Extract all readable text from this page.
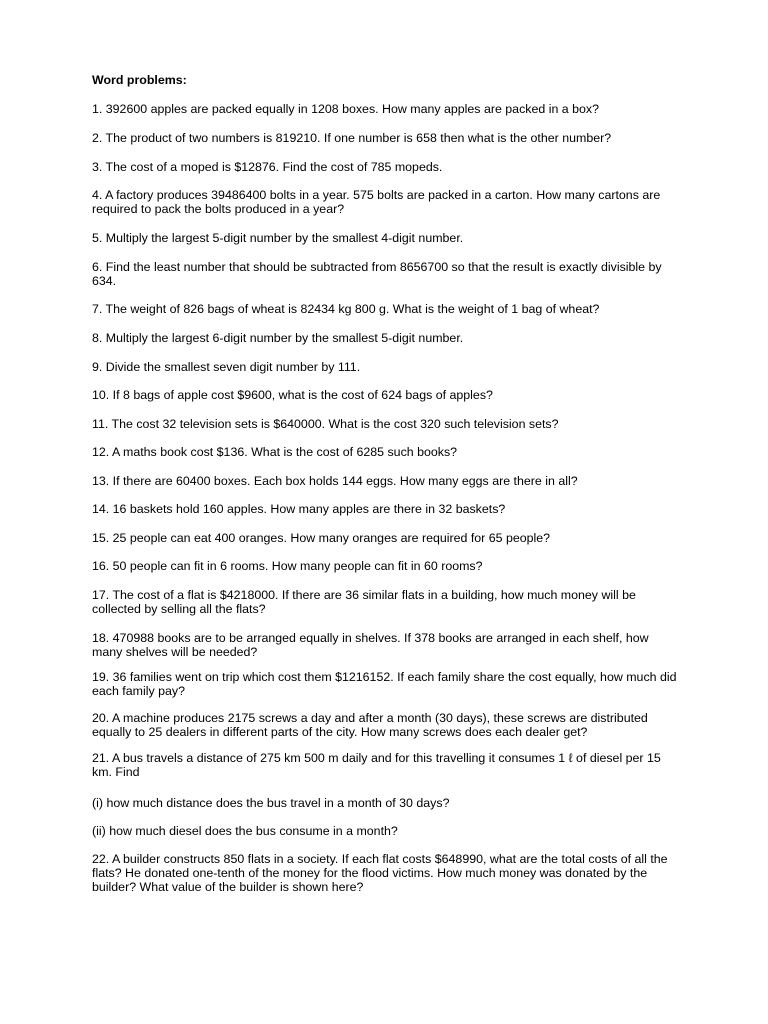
Word problems:

1. 392600 apples are packed equally in 1208 boxes. How many apples are packed in a box?

2. The product of two numbers is 819210. If one number is 658 then what is the other number?

3. The cost of a moped is $12876. Find the cost of 785 mopeds.

4. A factory produces 39486400 bolts in a year. 575 bolts are packed in a carton. How many cartons are required to pack the bolts produced in a year?

5. Multiply the largest 5-digit number by the smallest 4-digit number.

6. Find the least number that should be subtracted from 8656700 so that the result is exactly divisible by 634.

7. The weight of 826 bags of wheat is 82434 kg 800 g. What is the weight of 1 bag of wheat?

8. Multiply the largest 6-digit number by the smallest 5-digit number.

9. Divide the smallest seven digit number by 111.

10. If 8 bags of apple cost $9600, what is the cost of 624 bags of apples?

11. The cost 32 television sets is $640000. What is the cost 320 such television sets?

12. A maths book cost $136. What is the cost of 6285 such books?

13. If there are 60400 boxes. Each box holds 144 eggs. How many eggs are there in all?

14. 16 baskets hold 160 apples. How many apples are there in 32 baskets?

15. 25 people can eat 400 oranges. How many oranges are required for 65 people?

16. 50 people can fit in 6 rooms. How many people can fit in 60 rooms?

17. The cost of a flat is $4218000. If there are 36 similar flats in a building, how much money will be collected by selling all the flats?

18. 470988 books are to be arranged equally in shelves. If 378 books are arranged in each shelf, how many shelves will be needed?

19. 36 families went on trip which cost them $1216152. If each family share the cost equally, how much did each family pay?

20. A machine produces 2175 screws a day and after a month (30 days), these screws are distributed equally to 25 dealers in different parts of the city. How many screws does each dealer get?

21. A bus travels a distance of 275 km 500 m daily and for this travelling it consumes 1 ℓ of diesel per 15 km. Find

(i) how much distance does the bus travel in a month of 30 days?

(ii) how much diesel does the bus consume in a month?

22. A builder constructs 850 flats in a society. If each flat costs $648990, what are the total costs of all the flats? He donated one-tenth of the money for the flood victims. How much money was donated by the builder? What value of the builder is shown here?
